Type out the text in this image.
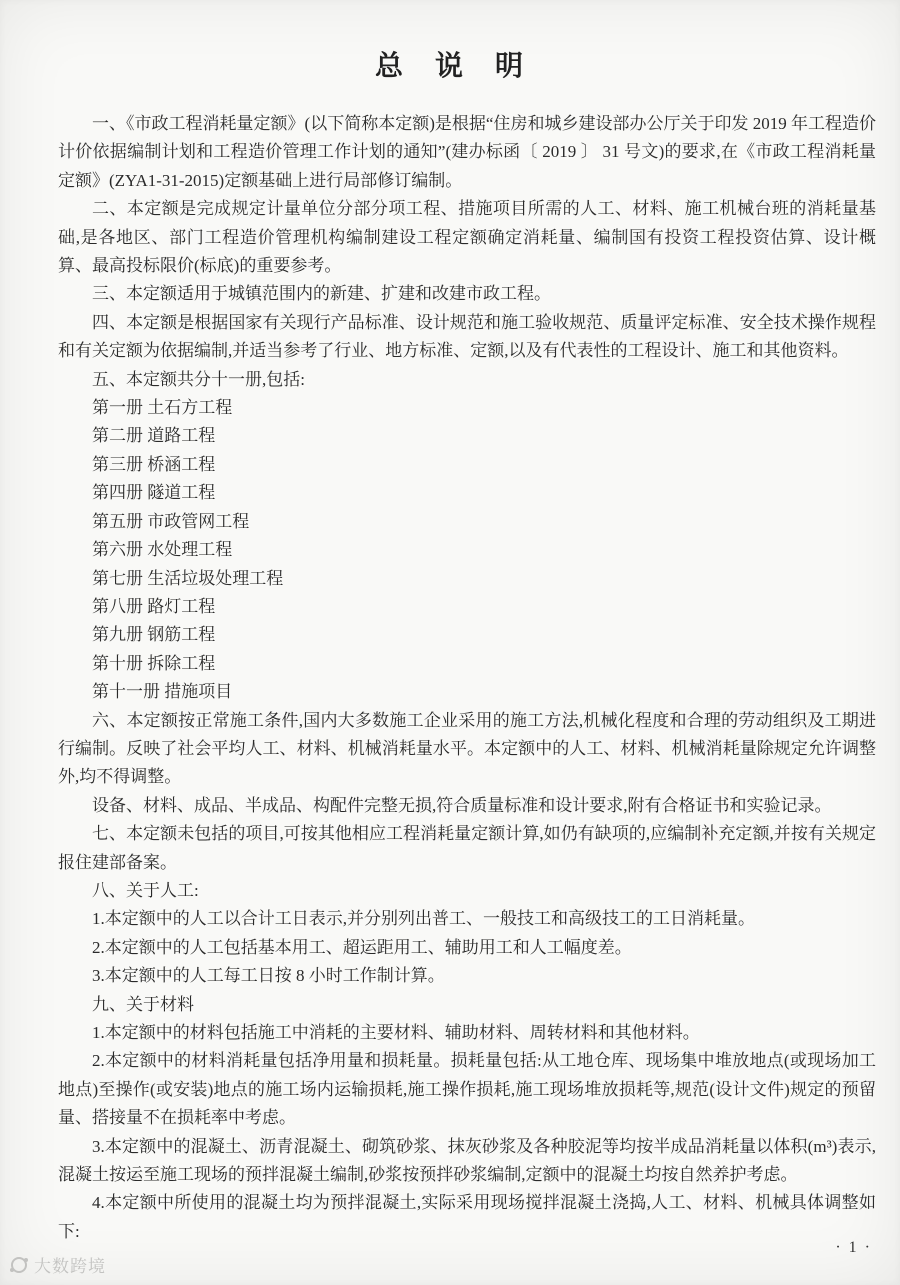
总　说　明

一、《市政工程消耗量定额》(以下简称本定额)是根据“住房和城乡建设部办公厅关于印发 2019 年工程造价计价依据编制计划和工程造价管理工作计划的通知”(建办标函〔 2019 〕 31 号文)的要求,在《市政工程消耗量定额》(ZYA1-31-2015)定额基础上进行局部修订编制。

二、本定额是完成规定计量单位分部分项工程、措施项目所需的人工、材料、施工机械台班的消耗量基础,是各地区、部门工程造价管理机构编制建设工程定额确定消耗量、编制国有投资工程投资估算、设计概算、最高投标限价(标底)的重要参考。

三、本定额适用于城镇范围内的新建、扩建和改建市政工程。

四、本定额是根据国家有关现行产品标准、设计规范和施工验收规范、质量评定标准、安全技术操作规程和有关定额为依据编制,并适当参考了行业、地方标准、定额,以及有代表性的工程设计、施工和其他资料。

五、本定额共分十一册,包括:

第一册 土石方工程

第二册 道路工程

第三册 桥涵工程

第四册 隧道工程

第五册 市政管网工程

第六册 水处理工程

第七册 生活垃圾处理工程

第八册 路灯工程

第九册 钢筋工程

第十册 拆除工程

第十一册 措施项目

六、本定额按正常施工条件,国内大多数施工企业采用的施工方法,机械化程度和合理的劳动组织及工期进行编制。反映了社会平均人工、材料、机械消耗量水平。本定额中的人工、材料、机械消耗量除规定允许调整外,均不得调整。

设备、材料、成品、半成品、构配件完整无损,符合质量标准和设计要求,附有合格证书和实验记录。

七、本定额未包括的项目,可按其他相应工程消耗量定额计算,如仍有缺项的,应编制补充定额,并按有关规定报住建部备案。

八、关于人工:

1.本定额中的人工以合计工日表示,并分别列出普工、一般技工和高级技工的工日消耗量。

2.本定额中的人工包括基本用工、超运距用工、辅助用工和人工幅度差。

3.本定额中的人工每工日按 8 小时工作制计算。

九、关于材料

1.本定额中的材料包括施工中消耗的主要材料、辅助材料、周转材料和其他材料。

2.本定额中的材料消耗量包括净用量和损耗量。损耗量包括:从工地仓库、现场集中堆放地点(或现场加工地点)至操作(或安装)地点的施工场内运输损耗,施工操作损耗,施工现场堆放损耗等,规范(设计文件)规定的预留量、搭接量不在损耗率中考虑。

3.本定额中的混凝土、沥青混凝土、砌筑砂浆、抹灰砂浆及各种胶泥等均按半成品消耗量以体积(m³)表示,混凝土按运至施工现场的预拌混凝土编制,砂浆按预拌砂浆编制,定额中的混凝土均按自然养护考虑。

4.本定额中所使用的混凝土均为预拌混凝土,实际采用现场搅拌混凝土浇捣,人工、材料、机械具体调整如下:

大数跨境
· 1 ·
